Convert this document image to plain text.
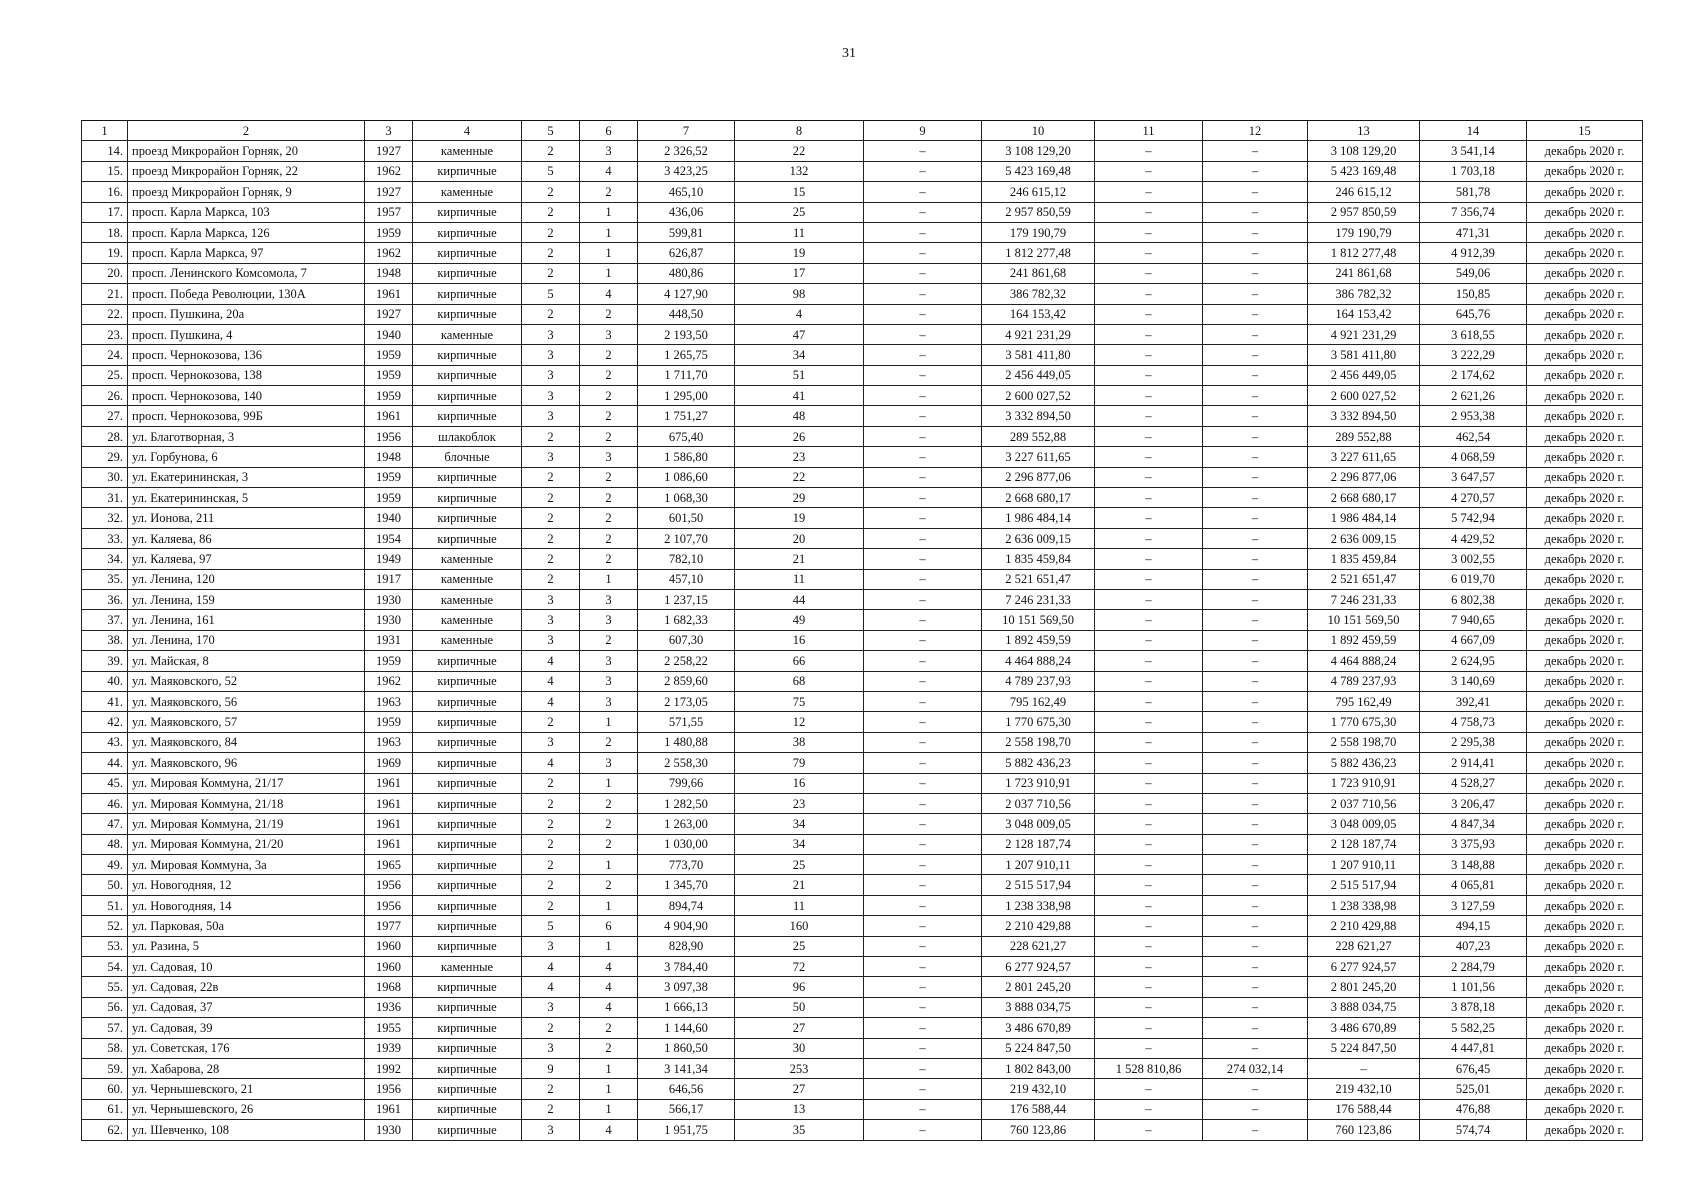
31
1	2	3	4	5	6	7	8	9	10	11	12	13	14	15
14.	проезд Микрорайон Горняк, 20	1927	каменные	2	3	2 326,52	22	–	3 108 129,20	–	–	3 108 129,20	3 541,14	декабрь 2020 г.
15.	проезд Микрорайон Горняк, 22	1962	кирпичные	5	4	3 423,25	132	–	5 423 169,48	–	–	5 423 169,48	1 703,18	декабрь 2020 г.
16.	проезд Микрорайон Горняк, 9	1927	каменные	2	2	465,10	15	–	246 615,12	–	–	246 615,12	581,78	декабрь 2020 г.
17.	просп. Карла Маркса, 103	1957	кирпичные	2	1	436,06	25	–	2 957 850,59	–	–	2 957 850,59	7 356,74	декабрь 2020 г.
18.	просп. Карла Маркса, 126	1959	кирпичные	2	1	599,81	11	–	179 190,79	–	–	179 190,79	471,31	декабрь 2020 г.
19.	просп. Карла Маркса, 97	1962	кирпичные	2	1	626,87	19	–	1 812 277,48	–	–	1 812 277,48	4 912,39	декабрь 2020 г.
20.	просп. Ленинского Комсомола, 7	1948	кирпичные	2	1	480,86	17	–	241 861,68	–	–	241 861,68	549,06	декабрь 2020 г.
21.	просп. Победа Революции, 130А	1961	кирпичные	5	4	4 127,90	98	–	386 782,32	–	–	386 782,32	150,85	декабрь 2020 г.
22.	просп. Пушкина, 20а	1927	кирпичные	2	2	448,50	4	–	164 153,42	–	–	164 153,42	645,76	декабрь 2020 г.
23.	просп. Пушкина, 4	1940	каменные	3	3	2 193,50	47	–	4 921 231,29	–	–	4 921 231,29	3 618,55	декабрь 2020 г.
24.	просп. Чернокозова, 136	1959	кирпичные	3	2	1 265,75	34	–	3 581 411,80	–	–	3 581 411,80	3 222,29	декабрь 2020 г.
25.	просп. Чернокозова, 138	1959	кирпичные	3	2	1 711,70	51	–	2 456 449,05	–	–	2 456 449,05	2 174,62	декабрь 2020 г.
26.	просп. Чернокозова, 140	1959	кирпичные	3	2	1 295,00	41	–	2 600 027,52	–	–	2 600 027,52	2 621,26	декабрь 2020 г.
27.	просп. Чернокозова, 99Б	1961	кирпичные	3	2	1 751,27	48	–	3 332 894,50	–	–	3 332 894,50	2 953,38	декабрь 2020 г.
28.	ул. Благотворная, 3	1956	шлакоблок	2	2	675,40	26	–	289 552,88	–	–	289 552,88	462,54	декабрь 2020 г.
29.	ул. Горбунова, 6	1948	блочные	3	3	1 586,80	23	–	3 227 611,65	–	–	3 227 611,65	4 068,59	декабрь 2020 г.
30.	ул. Екатерининская, 3	1959	кирпичные	2	2	1 086,60	22	–	2 296 877,06	–	–	2 296 877,06	3 647,57	декабрь 2020 г.
31.	ул. Екатерининская, 5	1959	кирпичные	2	2	1 068,30	29	–	2 668 680,17	–	–	2 668 680,17	4 270,57	декабрь 2020 г.
32.	ул. Ионова, 211	1940	кирпичные	2	2	601,50	19	–	1 986 484,14	–	–	1 986 484,14	5 742,94	декабрь 2020 г.
33.	ул. Каляева, 86	1954	кирпичные	2	2	2 107,70	20	–	2 636 009,15	–	–	2 636 009,15	4 429,52	декабрь 2020 г.
34.	ул. Каляева, 97	1949	каменные	2	2	782,10	21	–	1 835 459,84	–	–	1 835 459,84	3 002,55	декабрь 2020 г.
35.	ул. Ленина, 120	1917	каменные	2	1	457,10	11	–	2 521 651,47	–	–	2 521 651,47	6 019,70	декабрь 2020 г.
36.	ул. Ленина, 159	1930	каменные	3	3	1 237,15	44	–	7 246 231,33	–	–	7 246 231,33	6 802,38	декабрь 2020 г.
37.	ул. Ленина, 161	1930	каменные	3	3	1 682,33	49	–	10 151 569,50	–	–	10 151 569,50	7 940,65	декабрь 2020 г.
38.	ул. Ленина, 170	1931	каменные	3	2	607,30	16	–	1 892 459,59	–	–	1 892 459,59	4 667,09	декабрь 2020 г.
39.	ул. Майская, 8	1959	кирпичные	4	3	2 258,22	66	–	4 464 888,24	–	–	4 464 888,24	2 624,95	декабрь 2020 г.
40.	ул. Маяковского, 52	1962	кирпичные	4	3	2 859,60	68	–	4 789 237,93	–	–	4 789 237,93	3 140,69	декабрь 2020 г.
41.	ул. Маяковского, 56	1963	кирпичные	4	3	2 173,05	75	–	795 162,49	–	–	795 162,49	392,41	декабрь 2020 г.
42.	ул. Маяковского, 57	1959	кирпичные	2	1	571,55	12	–	1 770 675,30	–	–	1 770 675,30	4 758,73	декабрь 2020 г.
43.	ул. Маяковского, 84	1963	кирпичные	3	2	1 480,88	38	–	2 558 198,70	–	–	2 558 198,70	2 295,38	декабрь 2020 г.
44.	ул. Маяковского, 96	1969	кирпичные	4	3	2 558,30	79	–	5 882 436,23	–	–	5 882 436,23	2 914,41	декабрь 2020 г.
45.	ул. Мировая Коммуна, 21/17	1961	кирпичные	2	1	799,66	16	–	1 723 910,91	–	–	1 723 910,91	4 528,27	декабрь 2020 г.
46.	ул. Мировая Коммуна, 21/18	1961	кирпичные	2	2	1 282,50	23	–	2 037 710,56	–	–	2 037 710,56	3 206,47	декабрь 2020 г.
47.	ул. Мировая Коммуна, 21/19	1961	кирпичные	2	2	1 263,00	34	–	3 048 009,05	–	–	3 048 009,05	4 847,34	декабрь 2020 г.
48.	ул. Мировая Коммуна, 21/20	1961	кирпичные	2	2	1 030,00	34	–	2 128 187,74	–	–	2 128 187,74	3 375,93	декабрь 2020 г.
49.	ул. Мировая Коммуна, 3а	1965	кирпичные	2	1	773,70	25	–	1 207 910,11	–	–	1 207 910,11	3 148,88	декабрь 2020 г.
50.	ул. Новогодняя, 12	1956	кирпичные	2	2	1 345,70	21	–	2 515 517,94	–	–	2 515 517,94	4 065,81	декабрь 2020 г.
51.	ул. Новогодняя, 14	1956	кирпичные	2	1	894,74	11	–	1 238 338,98	–	–	1 238 338,98	3 127,59	декабрь 2020 г.
52.	ул. Парковая, 50а	1977	кирпичные	5	6	4 904,90	160	–	2 210 429,88	–	–	2 210 429,88	494,15	декабрь 2020 г.
53.	ул. Разина, 5	1960	кирпичные	3	1	828,90	25	–	228 621,27	–	–	228 621,27	407,23	декабрь 2020 г.
54.	ул. Садовая, 10	1960	каменные	4	4	3 784,40	72	–	6 277 924,57	–	–	6 277 924,57	2 284,79	декабрь 2020 г.
55.	ул. Садовая, 22в	1968	кирпичные	4	4	3 097,38	96	–	2 801 245,20	–	–	2 801 245,20	1 101,56	декабрь 2020 г.
56.	ул. Садовая, 37	1936	кирпичные	3	4	1 666,13	50	–	3 888 034,75	–	–	3 888 034,75	3 878,18	декабрь 2020 г.
57.	ул. Садовая, 39	1955	кирпичные	2	2	1 144,60	27	–	3 486 670,89	–	–	3 486 670,89	5 582,25	декабрь 2020 г.
58.	ул. Советская, 176	1939	кирпичные	3	2	1 860,50	30	–	5 224 847,50	–	–	5 224 847,50	4 447,81	декабрь 2020 г.
59.	ул. Хабарова, 28	1992	кирпичные	9	1	3 141,34	253	–	1 802 843,00	1 528 810,86	274 032,14	–	676,45	декабрь 2020 г.
60.	ул. Чернышевского, 21	1956	кирпичные	2	1	646,56	27	–	219 432,10	–	–	219 432,10	525,01	декабрь 2020 г.
61.	ул. Чернышевского, 26	1961	кирпичные	2	1	566,17	13	–	176 588,44	–	–	176 588,44	476,88	декабрь 2020 г.
62.	ул. Шевченко, 108	1930	кирпичные	3	4	1 951,75	35	–	760 123,86	–	–	760 123,86	574,74	декабрь 2020 г.
